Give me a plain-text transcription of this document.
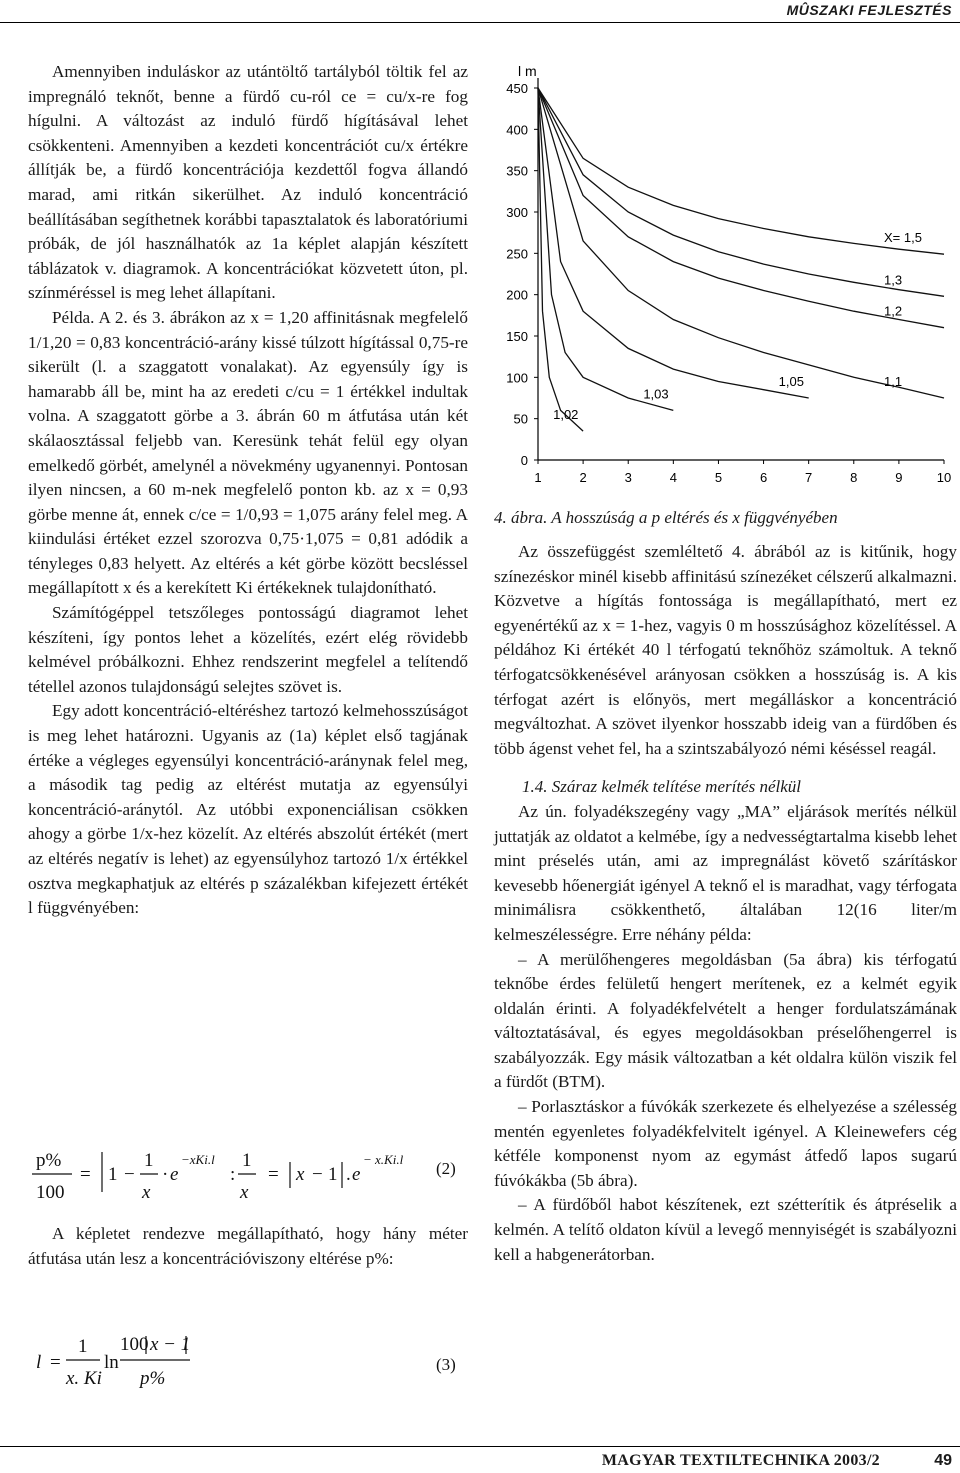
MÛSZAKI FEJLESZTÉS

Amennyiben induláskor az utántöltő tartályból töltik fel az impregnáló teknőt, benne a fürdő cu-ról ce = cu/x-re fog hígulni. A változást az induló fürdő hígításával lehet csökkenteni. Amennyiben a kezdeti koncentrációt cu/x értékre állítják be, a fürdő koncentrációja kezdettől fogva állandó marad, ami ritkán sikerülhet. Az induló koncentráció beállításában segíthetnek korábbi tapasztalatok és laboratóriumi próbák, de jól használhatók az 1a képlet alapján készített táblázatok v. diagramok. A koncentrációkat közvetett úton, pl. színméréssel is meg lehet állapítani.

Példa. A 2. és 3. ábrákon az x = 1,20 affinitásnak megfelelő 1/1,20 = 0,83 koncentráció-arány kissé túlzott hígítással 0,75-re sikerült (l. a szaggatott vonalakat). Az egyensúly így is hamarabb áll be, mint ha az eredeti c/cu = 1 értékkel indultak volna. A szaggatott görbe a 3. ábrán 60 m átfutása után két skálaosztással feljebb van. Keresünk tehát felül egy olyan emelkedő görbét, amelynél a növekmény ugyanennyi. Pontosan ilyen nincsen, a 60 m-nek megfelelő ponton kb. az x = 0,93 görbe menne át, ennek c/ce = 1/0,93 = 1,075 arány felel meg. A kiindulási értéket ezzel szorozva 0,75·1,075 = 0,81 adódik a tényleges 0,83 helyett. Az eltérés a két görbe között becsléssel megállapított x és a kerekített Ki értékeknek tulajdonítható.

Számítógéppel tetszőleges pontosságú diagramot lehet készíteni, így pontos lehet a közelítés, ezért elég rövidebb kelmével próbálkozni. Ehhez rendszerint megfelel a telítendő tétellel azonos tulajdonságú selejtes szövet is.

Egy adott koncentráció-eltéréshez tartozó kelmehosszúságot is meg lehet határozni. Ugyanis az (1a) képlet első tagjának értéke a végleges egyensúlyi koncentráció-aránynak felel meg, a második tag pedig az eltérést mutatja az egyensúlyi koncentráció-aránytól. Az utóbbi exponenciálisan csökken ahogy a görbe 1/x-hez közelít. Az eltérés abszolút értékét (mert az eltérés negatív is lehet) az egyensúlyhoz tartozó 1/x értékkel osztva megkaphatjuk az eltérés p százalékban kifejezett értékét l függvényében:

p%
100
= 1 −
1
x
· e
−xKi.l
:
1
x
= x − 1 . e
− x.Ki.l (2)

A képletet rendezve megállapítható, hogy hány méter átfutása után lesz a koncentrációviszony eltérése p%:

l =
1
x. Ki
ln
100 x − 1
p%
(3)
l m
0
50
100
150
200
250
300
350
400
450
1	2	3	4	5	6	7	8	9	10
1,02
1,03
1,05	1,1
1,2
1,3
X= 1,5
4. ábra. A hosszúság a p eltérés és x függvényében

Az összefüggést szemléltető 4. ábrából az is kitűnik, hogy színezéskor minél kisebb affinitású színezéket célszerű alkalmazni. Közvetve a hígítás fontossága is megállapítható, mert ez egyenértékű az x = 1-hez, vagyis 0 m hosszúsághoz közelítéssel. A példához Ki értékét 40 l térfogatú teknőhöz számoltuk. A teknő térfogatcsökkenésével arányosan csökken a hosszúság is. A kis térfogat azért is előnyös, mert megálláskor a koncentráció megváltozhat. A szövet ilyenkor hosszabb ideig van a fürdőben és több ágenst vehet fel, ha a szintszabályozó némi késéssel reagál.

1.4. Száraz kelmék telítése merítés nélkül

Az ún. folyadékszegény vagy „MA” eljárások merítés nélkül juttatják az oldatot a kelmébe, így a nedvességtartalma kisebb lehet mint préselés után, ami az impregnálást követő szárításkor kevesebb hőenergiát igényel A teknő el is maradhat, vagy térfogata minimálisra csökkenthető, általában 12(16 liter/m kelmeszélességre. Erre néhány példa:

– A merülőhengeres megoldásban (5a ábra) kis térfogatú teknőbe érdes felületű hengert merítenek, ez a kelmét egyik oldalán érinti. A folyadékfelvételt a henger fordulatszámának változtatásával, és egyes megoldásokban préselőhengerrel is szabályozzák. Egy másik változatban a két oldalra külön viszik fel a fürdőt (BTM).

– Porlasztáskor a fúvókák szerkezete és elhelyezése a szélesség mentén egyenletes folyadékfelvitelt igényel. A Kleinewefers cég kétféle komponenst nyom az egymást átfedő lapos sugarú fúvókákba (5b ábra).

– A fürdőből habot készítenek, ezt szétterítik és átpréselik a kelmén. A telítő oldaton kívül a levegő mennyiségét is szabályozni kell a habgenerátorban.

MAGYAR TEXTILTECHNIKA 2003/2	49
